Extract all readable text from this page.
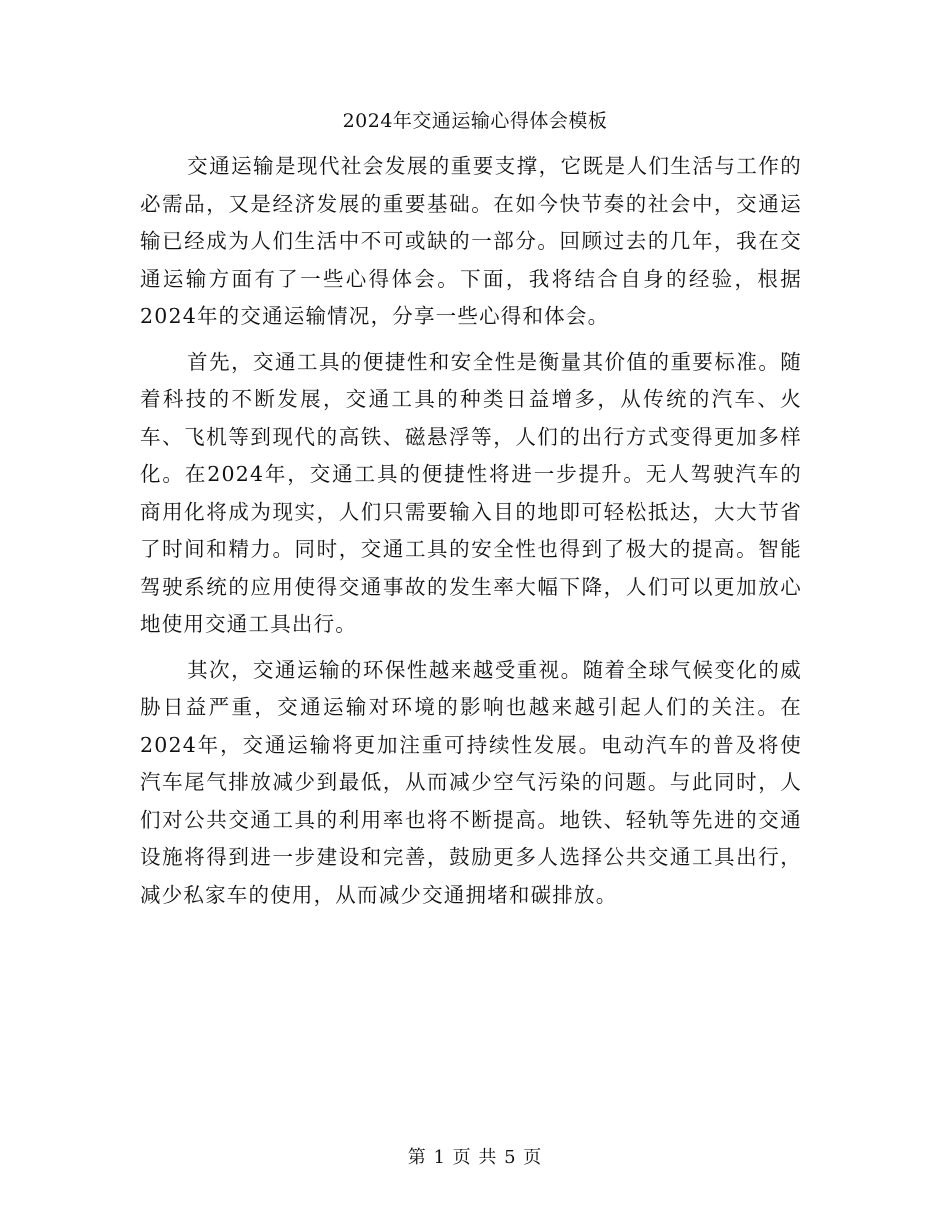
2024年交通运输心得体会模板

交通运输是现代社会发展的重要支撑，它既是人们生活与工作的必需品，又是经济发展的重要基础。在如今快节奏的社会中，交通运输已经成为人们生活中不可或缺的一部分。回顾过去的几年，我在交通运输方面有了一些心得体会。下面，我将结合自身的经验，根据2024年的交通运输情况，分享一些心得和体会。

首先，交通工具的便捷性和安全性是衡量其价值的重要标准。随着科技的不断发展，交通工具的种类日益增多，从传统的汽车、火车、飞机等到现代的高铁、磁悬浮等，人们的出行方式变得更加多样化。在2024年，交通工具的便捷性将进一步提升。无人驾驶汽车的商用化将成为现实，人们只需要输入目的地即可轻松抵达，大大节省了时间和精力。同时，交通工具的安全性也得到了极大的提高。智能驾驶系统的应用使得交通事故的发生率大幅下降，人们可以更加放心地使用交通工具出行。

其次，交通运输的环保性越来越受重视。随着全球气候变化的威胁日益严重，交通运输对环境的影响也越来越引起人们的关注。在2024年，交通运输将更加注重可持续性发展。电动汽车的普及将使汽车尾气排放减少到最低，从而减少空气污染的问题。与此同时，人们对公共交通工具的利用率也将不断提高。地铁、轻轨等先进的交通设施将得到进一步建设和完善，鼓励更多人选择公共交通工具出行，减少私家车的使用，从而减少交通拥堵和碳排放。

第 1 页 共 5 页
